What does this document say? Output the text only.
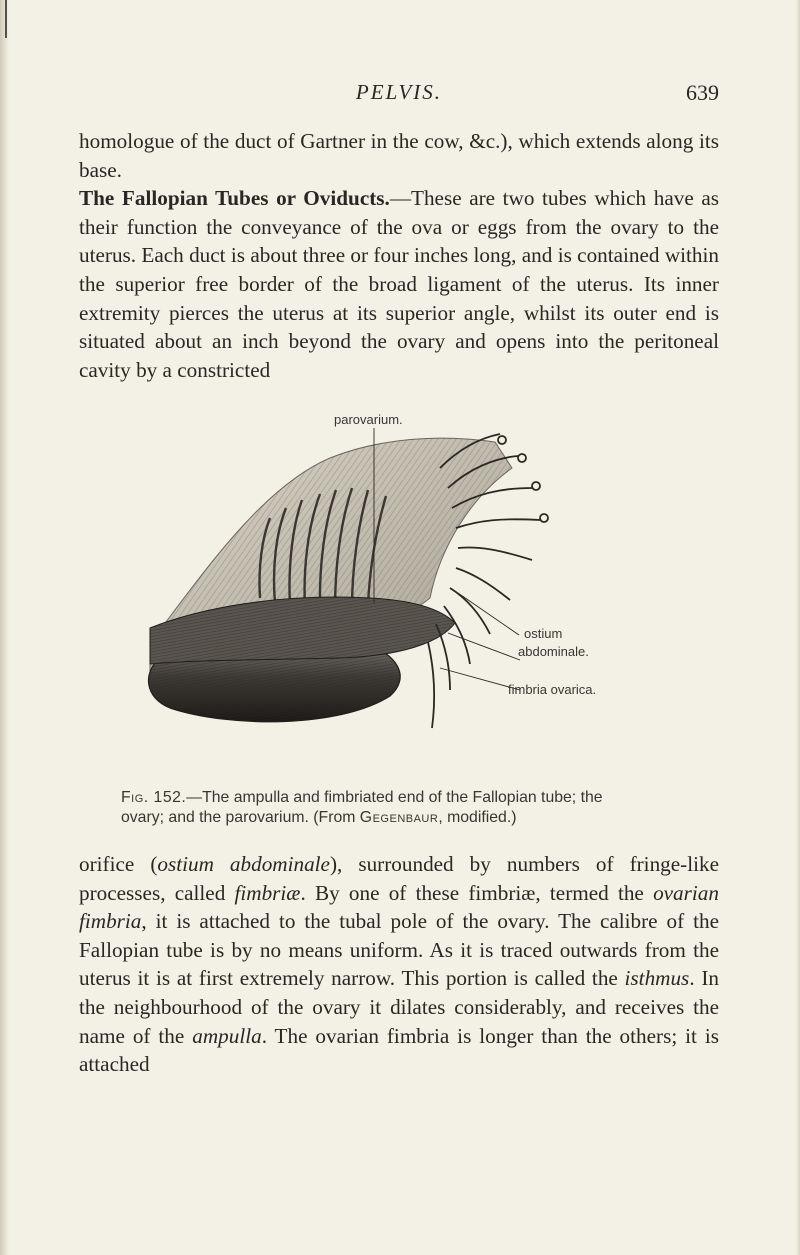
PELVIS.	639

homologue of the duct of Gartner in the cow, &c.), which extends along its base.

The Fallopian Tubes or Oviducts.—These are two tubes which have as their function the conveyance of the ova or eggs from the ovary to the uterus. Each duct is about three or four inches long, and is contained within the superior free border of the broad ligament of the uterus. Its inner extremity pierces the uterus at its superior angle, whilst its outer end is situated about an inch beyond the ovary and opens into the peritoneal cavity by a constricted

parovarium.
ostium
abdominale.
fimbria ovarica.

Fig. 152.—The ampulla and fimbriated end of the Fallopian tube; the ovary; and the parovarium. (From Gegenbaur, modified.)

orifice (ostium abdominale), surrounded by numbers of fringe-like processes, called fimbriæ. By one of these fimbriæ, termed the ovarian fimbria, it is attached to the tubal pole of the ovary. The calibre of the Fallopian tube is by no means uniform. As it is traced outwards from the uterus it is at first extremely narrow. This portion is called the isthmus. In the neighbourhood of the ovary it dilates considerably, and receives the name of the ampulla. The ovarian fimbria is longer than the others; it is attached
